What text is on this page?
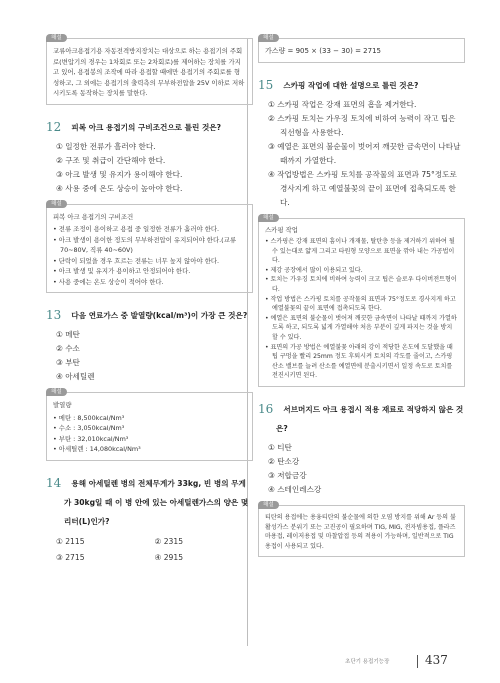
해설
교류아크용접기용 자동전격방지장치는 대상으로 하는 용접기의 주회로(변압기의 경우는 1차회로 또는 2차회로)를 제어하는 장치를 가지고 있어, 용접봉의 조작에 따라 용접할 때에만 용접기의 주회로를 형성하고, 그 외에는 용접기의 출력측의 무부하전압을 25V 이하로 저하시키도록 동작하는 장치를 말한다.
12 피복 아크 용접기의 구비조건으로 틀린 것은?
① 일정한 전류가 흘러야 한다.
② 구조 및 취급이 간단해야 한다.
③ 아크 발생 및 유지가 용이해야 한다.
④ 사용 중에 온도 상승이 높아야 한다.
해설
피복 아크 용접기의 구비조건
• 전류 조정이 용이하고 용접 중 일정한 전류가 흘러야 한다.
• 아크 발생이 용이한 정도의 무부하전압이 유지되어야 한다.(교류 70~80V, 직류 40~60V)
• 단락이 되었을 경우 흐르는 전류는 너무 높지 않아야 한다.
• 아크 발생 및 유지가 용이하고 안정되어야 한다.
• 사용 중에는 온도 상승이 적어야 한다.
13 다음 연료가스 중 발열량(kcal/m³)이 가장 큰 것은?
① 메탄
② 수소
③ 부탄
④ 아세틸렌
해설
발열량
• 메탄 : 8,500kcal/Nm³
• 수소 : 3,050kcal/Nm³
• 부탄 : 32,010kcal/Nm³
• 아세틸렌 : 14,080kcal/Nm³
14 용해 아세틸렌 병의 전체무게가 33kg, 빈 병의 무게가 30kg일 때 이 병 안에 있는 아세틸렌가스의 양은 몇 리터(L)인가?
① 2115	② 2315
③ 2715	④ 2915
해설
가스량 = 905 × (33 − 30) = 2715
15 스카핑 작업에 대한 설명으로 틀린 것은?
① 스카핑 작업은 강재 표면의 흠을 제거한다.
② 스카핑 토치는 가우징 토치에 비하여 능력이 작고 팁은 직선형을 사용한다.
③ 예열은 표면의 불순물이 벗어져 깨끗한 금속면이 나타날 때까지 가열한다.
④ 작업방법은 스카핑 토치를 공작물의 표면과 75°정도로 경사지게 하고 예열불꽃의 끝이 표면에 접촉되도록 한다.
해설
스카핑 작업
• 스카핑은 강재 표면의 흠이나 개재물, 탈탄층 등을 제거하기 위하여 될 수 있는대로 얇게 그리고 타원형 모양으로 표면을 깎아 내는 가공법이다.
• 제강 공장에서 많이 이용되고 있다.
• 토치는 가우징 토치에 비하여 능력이 크고 팁은 슬로우 다이버전트형이다.
• 작업 방법은 스카핑 토치를 공작물의 표면과 75°정도로 경사지게 하고 예열불꽃의 끝이 표면에 접촉되도록 한다.
• 예열은 표면의 불순물이 벗어져 깨끗한 금속면이 나타날 때까지 가열하도록 하고, 되도록 넓게 가열해야 처음 부분이 깊게 파지는 것을 방지할 수 있다.
• 표면의 가공 방법은 예열불꽃 아래의 강이 적당한 온도에 도달했을 때 팁 구멍을 빨리 25mm 정도 후퇴시켜 토치의 각도를 줄이고, 스카핑 산소 밸브를 늘려 산소를 예열면에 분출시키면서 일정 속도로 토치를 전진시키면 된다.
16 서브머지드 아크 용접시 적용 재료로 적당하지 않은 것은?
① 티탄
② 탄소강
③ 저합금강
④ 스테인레스강
해설
티탄의 용접에는 용융티탄의 불순물에 의한 오염 방지를 위해 Ar 등의 불활성가스 분위기 또는 고진공이 필요하며 TIG, MIG, 전자빔용접, 플라즈마용접, 레이저용접 및 마찰압접 등의 적용이 가능하며, 일반적으로 TIG 용접이 사용되고 있다.
초단기 용접기능장	437
